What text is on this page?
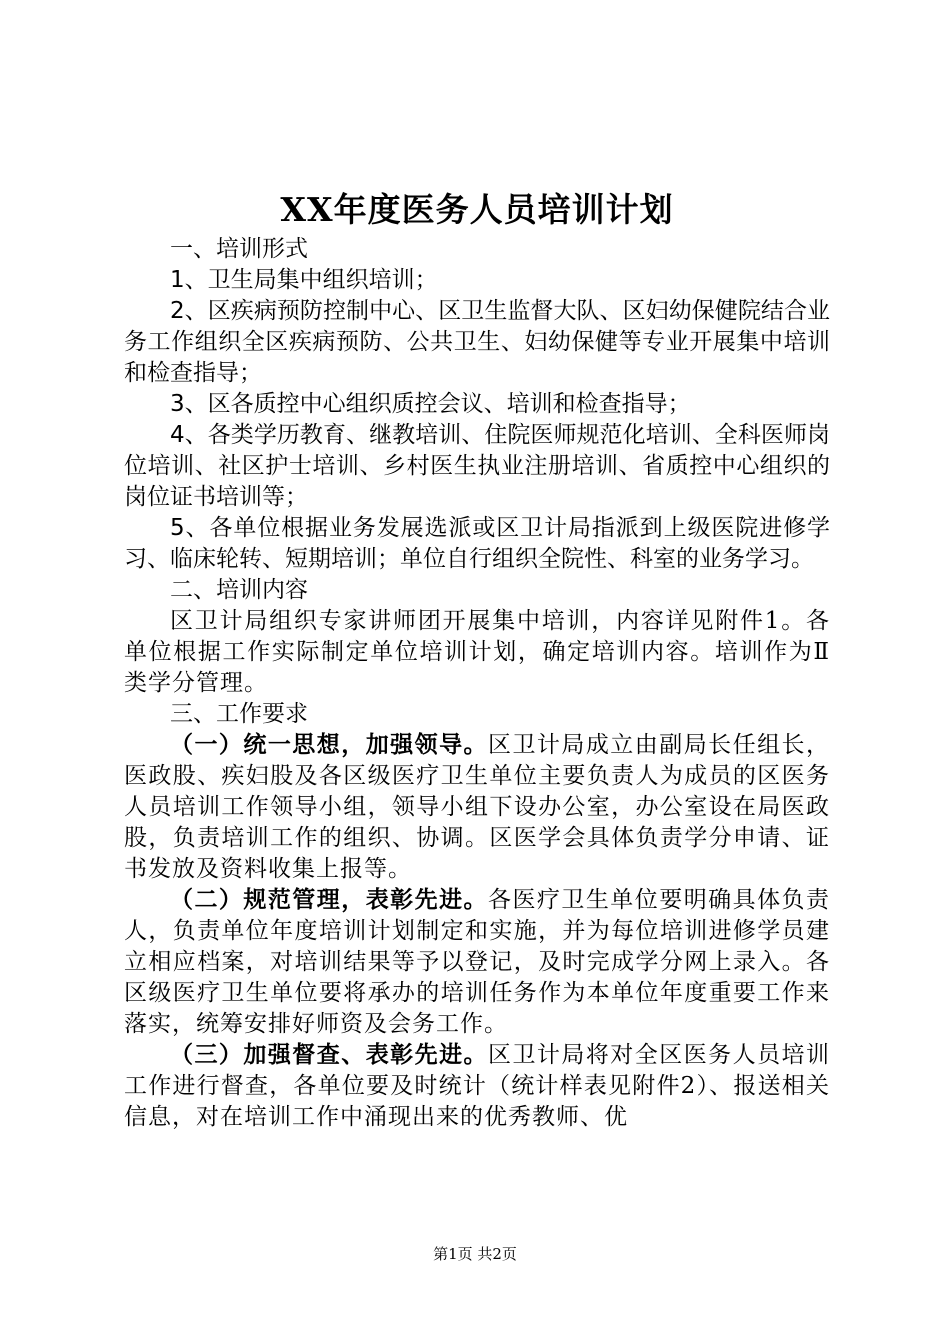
XX年度医务人员培训计划

一、培训形式

1、卫生局集中组织培训；

2、区疾病预防控制中心、区卫生监督大队、区妇幼保健院结合业务工作组织全区疾病预防、公共卫生、妇幼保健等专业开展集中培训和检查指导；

3、区各质控中心组织质控会议、培训和检查指导；

4、各类学历教育、继教培训、住院医师规范化培训、全科医师岗位培训、社区护士培训、乡村医生执业注册培训、省质控中心组织的岗位证书培训等；

5、各单位根据业务发展选派或区卫计局指派到上级医院进修学习、临床轮转、短期培训；单位自行组织全院性、科室的业务学习。

二、培训内容

区卫计局组织专家讲师团开展集中培训，内容详见附件1。各单位根据工作实际制定单位培训计划，确定培训内容。培训作为Ⅱ类学分管理。

三、工作要求

（一）统一思想，加强领导。区卫计局成立由副局长任组长，医政股、疾妇股及各区级医疗卫生单位主要负责人为成员的区医务人员培训工作领导小组，领导小组下设办公室，办公室设在局医政股，负责培训工作的组织、协调。区医学会具体负责学分申请、证书发放及资料收集上报等。

（二）规范管理，表彰先进。各医疗卫生单位要明确具体负责人，负责单位年度培训计划制定和实施，并为每位培训进修学员建立相应档案，对培训结果等予以登记，及时完成学分网上录入。各区级医疗卫生单位要将承办的培训任务作为本单位年度重要工作来落实，统筹安排好师资及会务工作。

（三）加强督查、表彰先进。区卫计局将对全区医务人员培训工作进行督查，各单位要及时统计（统计样表见附件2）、报送相关信息，对在培训工作中涌现出来的优秀教师、优

第1页 共2页
